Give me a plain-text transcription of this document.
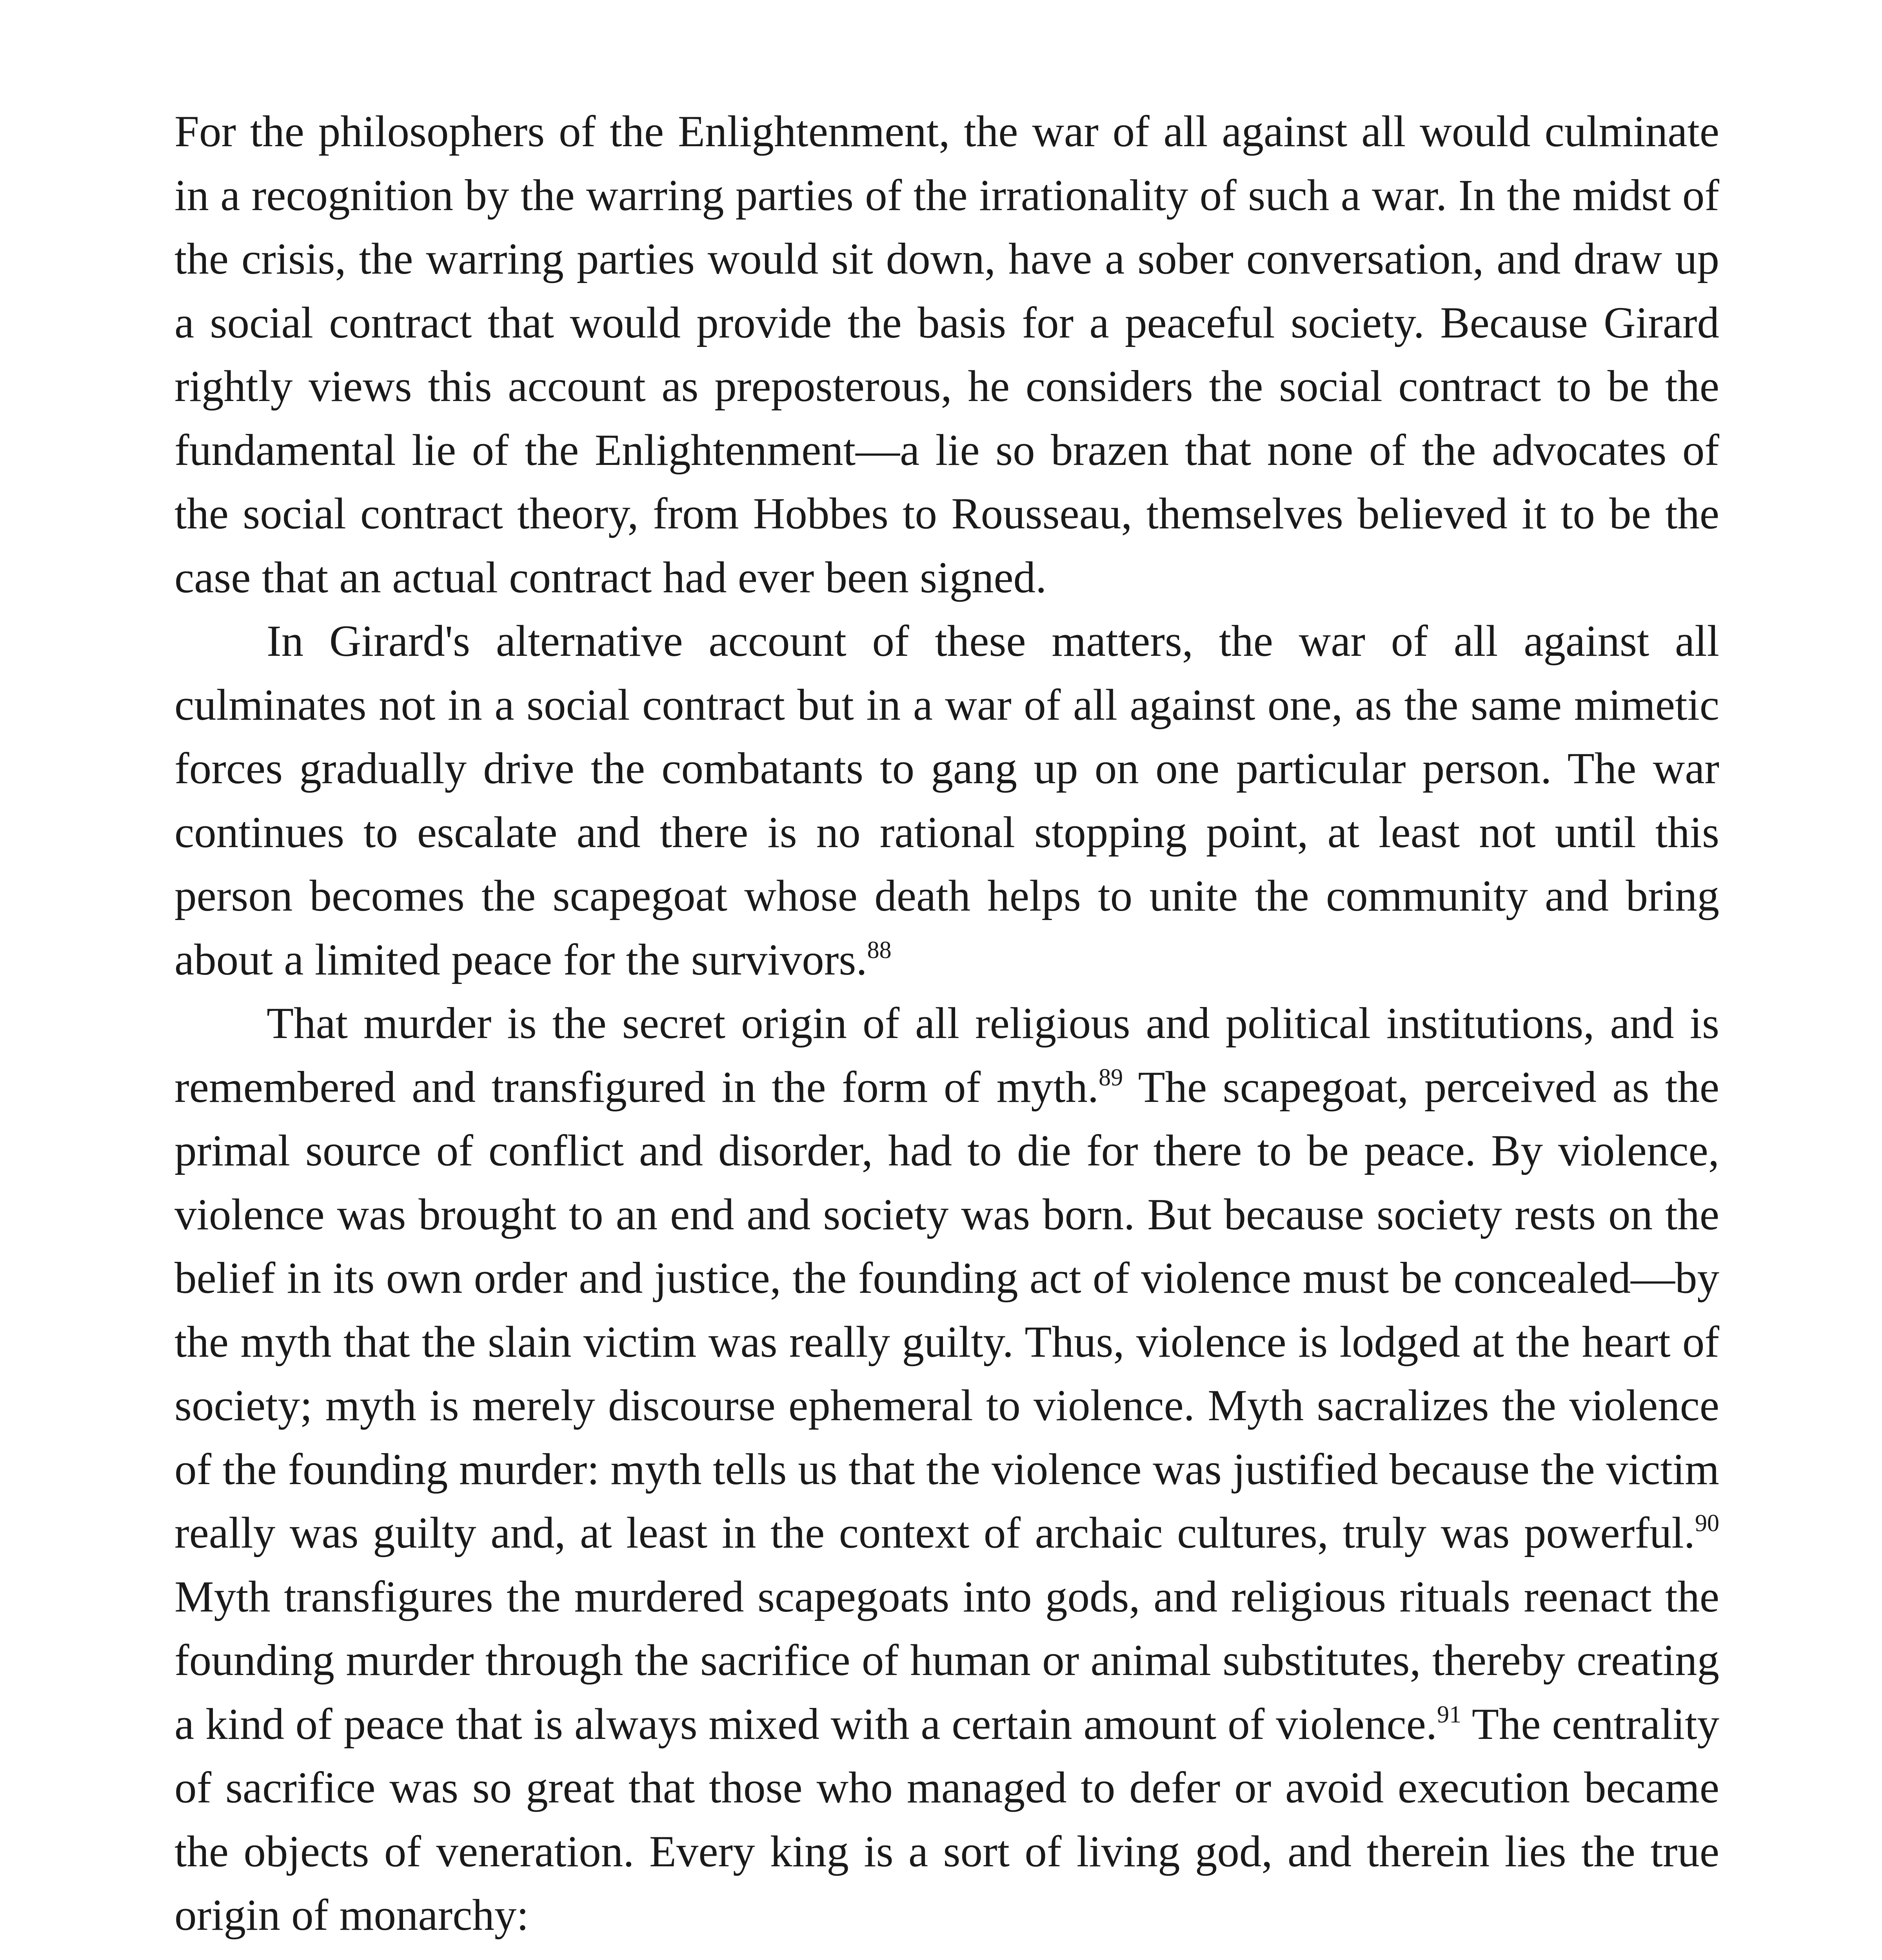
For the philosophers of the Enlightenment, the war of all against all would culminate in a recognition by the warring parties of the irrationality of such a war. In the midst of the crisis, the warring parties would sit down, have a sober conversation, and draw up a social contract that would provide the basis for a peaceful society. Because Girard rightly views this account as preposterous, he considers the social contract to be the fundamental lie of the Enlightenment—a lie so brazen that none of the advocates of the social contract theory, from Hobbes to Rousseau, themselves believed it to be the case that an actual contract had ever been signed.

In Girard's alternative account of these matters, the war of all against all culminates not in a social contract but in a war of all against one, as the same mimetic forces gradually drive the combatants to gang up on one particular person. The war continues to escalate and there is no rational stopping point, at least not until this person becomes the scapegoat whose death helps to unite the community and bring about a limited peace for the survivors.$^{88}$

That murder is the secret origin of all religious and political institutions, and is remembered and transfigured in the form of myth.$^{89}$ The scapegoat, perceived as the primal source of conflict and disorder, had to die for there to be peace. By violence, violence was brought to an end and society was born. But because society rests on the belief in its own order and justice, the founding act of violence must be concealed—by the myth that the slain victim was really guilty. Thus, violence is lodged at the heart of society; myth is merely discourse ephemeral to violence. Myth sacralizes the violence of the founding murder: myth tells us that the violence was justified because the victim really was guilty and, at least in the context of archaic cultures, truly was powerful.$^{90}$ Myth transfigures the murdered scapegoats into gods, and religious rituals reenact the founding murder through the sacrifice of human or animal substitutes, thereby creating a kind of peace that is always mixed with a certain amount of violence.$^{91}$ The centrality of sacrifice was so great that those who managed to defer or avoid execution became the objects of veneration. Every king is a sort of living god, and therein lies the true origin of monarchy:
